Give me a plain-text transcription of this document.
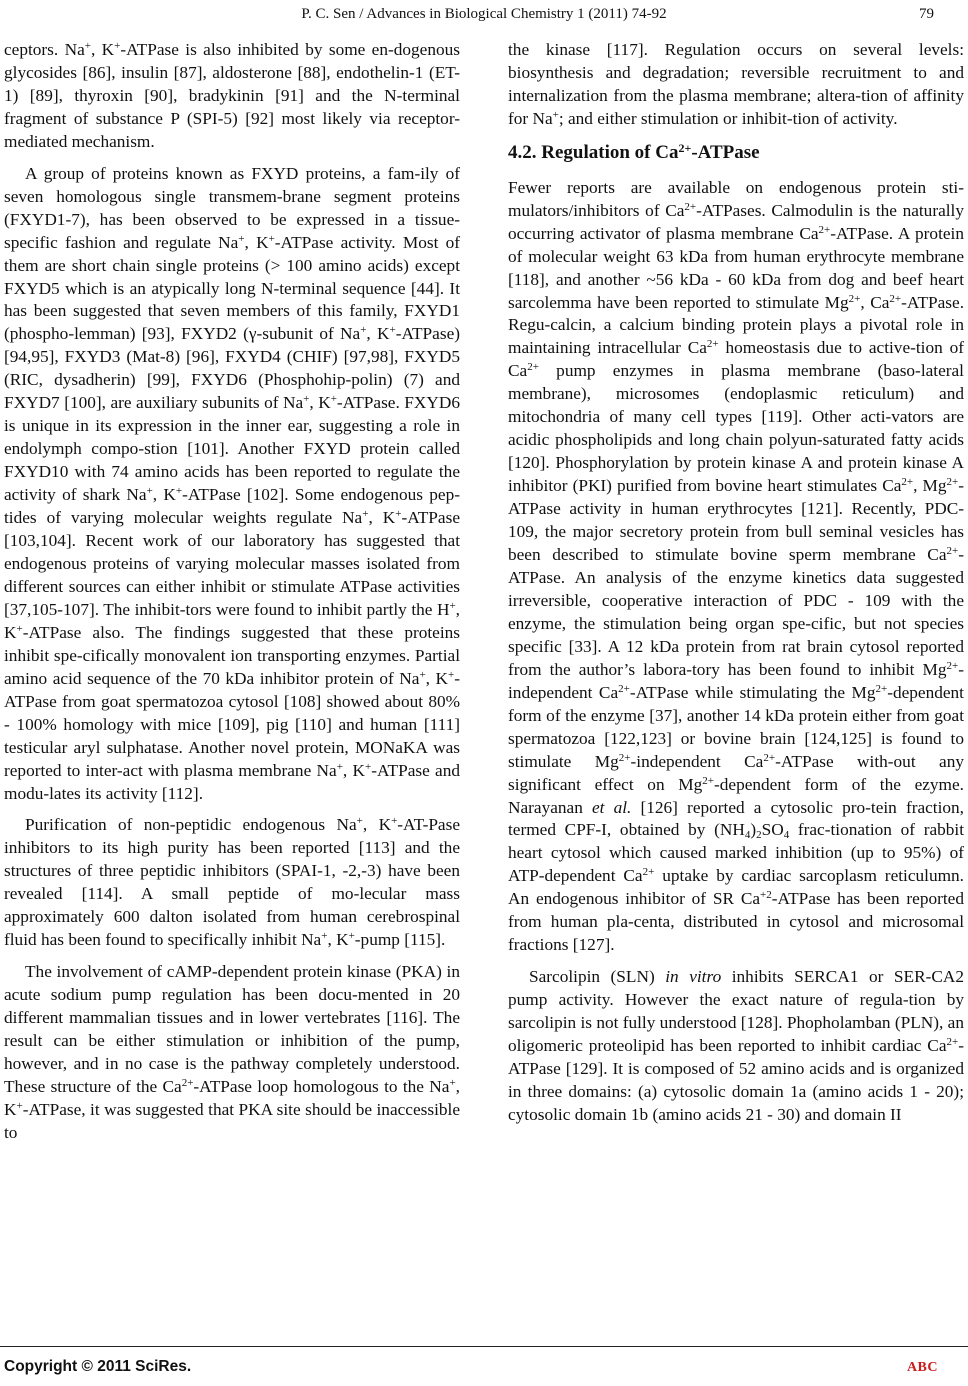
P. C. Sen / Advances in Biological Chemistry 1 (2011) 74-92	79

ceptors. Na+, K+-ATPase is also inhibited by some en-dogenous glycosides [86], insulin [87], aldosterone [88], endothelin-1 (ET-1) [89], thyroxin [90], bradykinin [91] and the N-terminal fragment of substance P (SPI-5) [92] most likely via receptor-mediated mechanism.

A group of proteins known as FXYD proteins, a fam-ily of seven homologous single transmem-brane segment proteins (FXYD1-7), has been observed to be expressed in a tissue-specific fashion and regulate Na+, K+-ATPase activity. Most of them are short chain single proteins (> 100 amino acids) except FXYD5 which is an atypically long N-terminal sequence [44]. It has been suggested that seven members of this family, FXYD1 (phospho-lemman) [93], FXYD2 (γ-subunit of Na+, K+-ATPase) [94,95], FXYD3 (Mat-8) [96], FXYD4 (CHIF) [97,98], FXYD5 (RIC, dysadherin) [99], FXYD6 (Phosphohip-polin) (7) and FXYD7 [100], are auxiliary subunits of Na+, K+-ATPase. FXYD6 is unique in its expression in the inner ear, suggesting a role in endolymph compo-stion [101]. Another FXYD protein called FXYD10 with 74 amino acids has been reported to regulate the activity of shark Na+, K+-ATPase [102]. Some endogenous pep-tides of varying molecular weights regulate Na+, K+-ATPase [103,104]. Recent work of our laboratory has suggested that endogenous proteins of varying molecular masses isolated from different sources can either inhibit or stimulate ATPase activities [37,105-107]. The inhibit-tors were found to inhibit partly the H+, K+-ATPase also. The findings suggested that these proteins inhibit spe-cifically monovalent ion transporting enzymes. Partial amino acid sequence of the 70 kDa inhibitor protein of Na+, K+-ATPase from goat spermatozoa cytosol [108] showed about 80% - 100% homology with mice [109], pig [110] and human [111] testicular aryl sulphatase. Another novel protein, MONaKA was reported to inter-act with plasma membrane Na+, K+-ATPase and modu-lates its activity [112].

Purification of non-peptidic endogenous Na+, K+-AT-Pase inhibitors to its high purity has been reported [113] and the structures of three peptidic inhibitors (SPAI-1, -2,-3) have been revealed [114]. A small peptide of mo-lecular mass approximately 600 dalton isolated from human cerebrospinal fluid has been found to specifically inhibit Na+, K+-pump [115].

The involvement of cAMP-dependent protein kinase (PKA) in acute sodium pump regulation has been docu-mented in 20 different mammalian tissues and in lower vertebrates [116]. The result can be either stimulation or inhibition of the pump, however, and in no case is the pathway completely understood. These structure of the $Ca^{2+}$-ATPase loop homologous to the Na+, K+-ATPase, it was suggested that PKA site should be inaccessible to

the kinase [117]. Regulation occurs on several levels: biosynthesis and degradation; reversible recruitment to and internalization from the plasma membrane; altera-tion of affinity for Na+; and either stimulation or inhibit-tion of activity.

4.2. Regulation of $Ca^{2+}$-ATPase

Fewer reports are available on endogenous protein sti-mulators/inhibitors of $Ca^{2+}$-ATPases. Calmodulin is the naturally occurring activator of plasma membrane $Ca^{2+}$-ATPase. A protein of molecular weight 63 kDa from human erythrocyte membrane [118], and another ~56 kDa - 60 kDa from dog and beef heart sarcolemma have been reported to stimulate $Mg^{2+}$, $Ca^{2+}$-ATPase. Regu-calcin, a calcium binding protein plays a pivotal role in maintaining intracellular $Ca^{2+}$ homeostasis due to active-tion of $Ca^{2+}$ pump enzymes in plasma membrane (baso-lateral membrane), microsomes (endoplasmic reticulum) and mitochondria of many cell types [119]. Other acti-vators are acidic phospholipids and long chain polyun-saturated fatty acids [120]. Phosphorylation by protein kinase A and protein kinase A inhibitor (PKI) purified from bovine heart stimulates $Ca^{2+}$, $Mg^{2+}$-ATPase activity in human erythrocytes [121]. Recently, PDC-109, the major secretory protein from bull seminal vesicles has been described to stimulate bovine sperm membrane $Ca^{2+}$-ATPase. An analysis of the enzyme kinetics data suggested irreversible, cooperative interaction of PDC - 109 with the enzyme, the stimulation being organ spe-cific, but not species specific [33]. A 12 kDa protein from rat brain cytosol reported from the author’s labora-tory has been found to inhibit $Mg^{2+}$-independent $Ca^{2+}$-ATPase while stimulating the $Mg^{2+}$-dependent form of the enzyme [37], another 14 kDa protein either from goat spermatozoa [122,123] or bovine brain [124,125] is found to stimulate $Mg^{2+}$-independent $Ca^{2+}$-ATPase with-out any significant effect on $Mg^{2+}$-dependent form of the ezyme. Narayanan et al. [126] reported a cytosolic pro-tein fraction, termed CPF-I, obtained by $(NH_4)_2SO_4$ frac-tionation of rabbit heart cytosol which caused marked inhibition (up to 95%) of ATP-dependent $Ca^{2+}$ uptake by cardiac sarcoplasm reticulumn. An endogenous inhibitor of SR $Ca^{+2}$-ATPase has been reported from human pla-centa, distributed in cytosol and microsomal fractions [127].

Sarcolipin (SLN) in vitro inhibits SERCA1 or SER-CA2 pump activity. However the exact nature of regula-tion by sarcolipin is not fully understood [128]. Phopholamban (PLN), an oligomeric proteolipid has been reported to inhibit cardiac $Ca^{2+}$-ATPase [129]. It is composed of 52 amino acids and is organized in three domains: (a) cytosolic domain 1a (amino acids 1 - 20); cytosolic domain 1b (amino acids 21 - 30) and domain II

Copyright © 2011 SciRes.	ABC
